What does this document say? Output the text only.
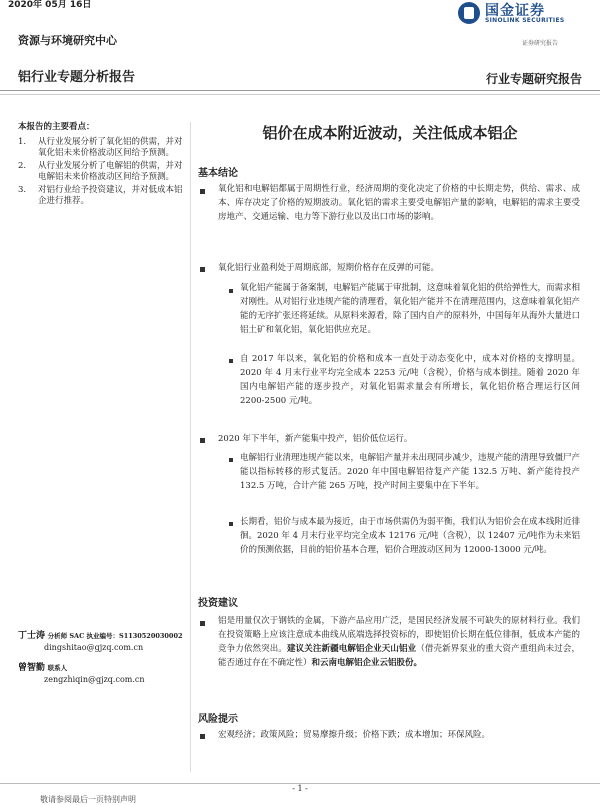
2020年 05月 16日	国金证券
SINOLINK SECURITIES
证券研究报告
资源与环境研究中心
铝行业专题分析报告	行业专题研究报告
本报告的主要看点：
1.	从行业发展分析了氧化铝的供需，并对氧化铝未来价格波动区间给予预测。
2.	从行业发展分析了电解铝的供需，并对电解铝未来价格波动区间给予预测。
3.	对铝行业给予投资建议，并对低成本铝企进行推荐。
丁士涛 分析师 SAC 执业编号：S1130520030002
dingshitao@gjzq.com.cn
曾智勤 联系人
zengzhiqin@gjzq.com.cn
铝价在成本附近波动，关注低成本铝企
基本结论
氧化铝和电解铝都属于周期性行业，经济周期的变化决定了价格的中长期走势，供给、需求、成本、库存决定了价格的短期波动。氧化铝的需求主要受电解铝产量的影响，电解铝的需求主要受房地产、交通运输、电力等下游行业以及出口市场的影响。
氧化铝行业盈利处于周期底部，短期价格存在反弹的可能。
氧化铝产能属于备案制，电解铝产能属于审批制，这意味着氧化铝的供给弹性大，而需求相对刚性。从对铝行业违规产能的清理看，氧化铝产能并不在清理范围内，这意味着氧化铝产能的无序扩张还将延续。从原料来源看，除了国内自产的原料外，中国每年从海外大量进口铝土矿和氧化铝，氧化铝供应充足。
自 2017 年以来，氧化铝的价格和成本一直处于动态变化中，成本对价格的支撑明显。2020 年 4 月末行业平均完全成本 2253 元/吨（含税），价格与成本倒挂。随着 2020 年国内电解铝产能的逐步投产，对氧化铝需求量会有所增长，氧化铝价格合理运行区间 2200-2500 元/吨。
2020 年下半年，新产能集中投产，铝价低位运行。
电解铝行业清理违规产能以来，电解铝产量并未出现同步减少，违规产能的清理导致僵尸产能以指标转移的形式复活。2020 年中国电解铝待复产产能 132.5 万吨、新产能待投产 132.5 万吨，合计产能 265 万吨，投产时间主要集中在下半年。
长期看，铝价与成本最为接近，由于市场供需仍为弱平衡，我们认为铝价会在成本线附近徘徊。2020 年 4 月末行业平均完全成本 12176 元/吨（含税），以 12407 元/吨作为未来铝价的预测依据，目前的铝价基本合理，铝价合理波动区间为 12000-13000 元/吨。
投资建议
铝是用量仅次于钢铁的金属，下游产品应用广泛，是国民经济发展不可缺失的原材料行业。我们在投资策略上应该注意成本曲线从底端选择投资标的，即使铝价长期在低位徘徊，低成本产能的竞争力依然突出。建议关注新疆电解铝企业天山铝业（借壳新界泵业的重大资产重组尚未过会，能否通过存在不确定性）和云南电解铝企业云铝股份。
风险提示
宏观经济；政策风险；贸易摩擦升级；价格下跌；成本增加；环保风险。
- 1 -
敬请参阅最后一页特别声明
